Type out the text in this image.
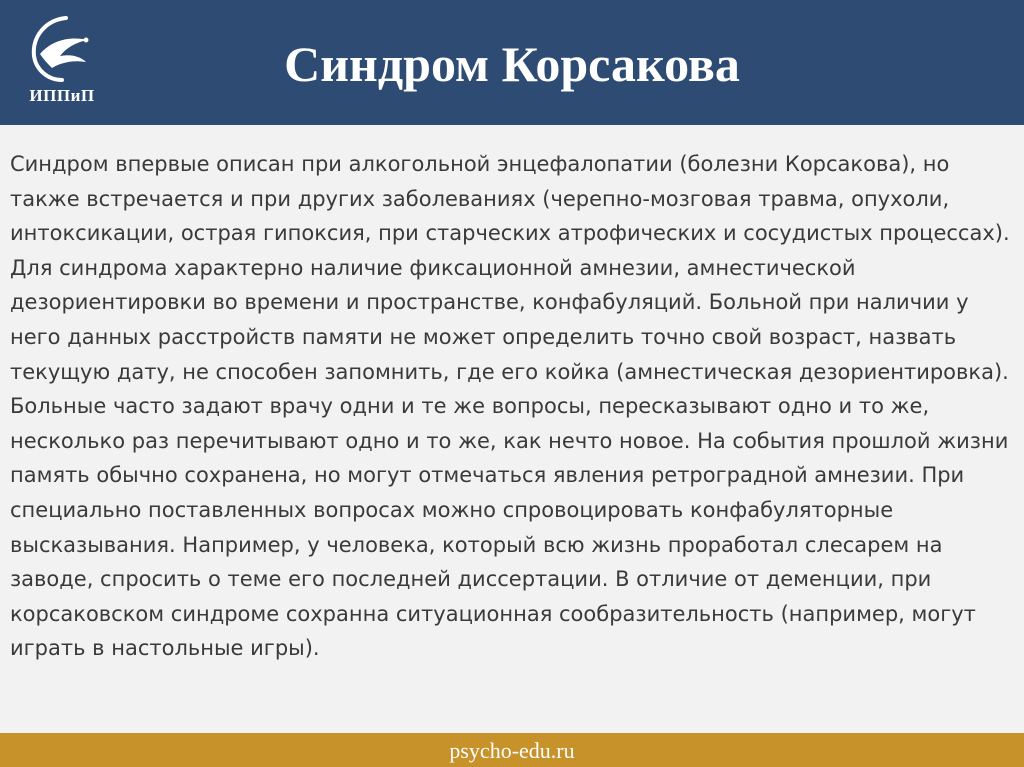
ИППиП
Синдром Корсакова

Синдром впервые описан при алкогольной энцефалопатии (болезни Корсакова), но также встречается и при других заболеваниях (черепно-мозговая травма, опухоли, интоксикации, острая гипоксия, при старческих атрофических и сосудистых процессах).

Для синдрома характерно наличие фиксационной амнезии, амнестической дезориентировки во времени и пространстве, конфабуляций. Больной при наличии у него данных расстройств памяти не может определить точно свой возраст, назвать текущую дату, не способен запомнить, где его койка (амнестическая дезориентировка). Больные часто задают врачу одни и те же вопросы, пересказывают одно и то же, несколько раз перечитывают одно и то же, как нечто новое. На события прошлой жизни память обычно сохранена, но могут отмечаться явления ретроградной амнезии. При специально поставленных вопросах можно спровоцировать конфабуляторные высказывания. Например, у человека, который всю жизнь проработал слесарем на заводе, спросить о теме его последней диссертации. В отличие от деменции, при корсаковском синдроме сохранна ситуационная сообразительность (например, могут играть в настольные игры).

psycho-edu.ru
